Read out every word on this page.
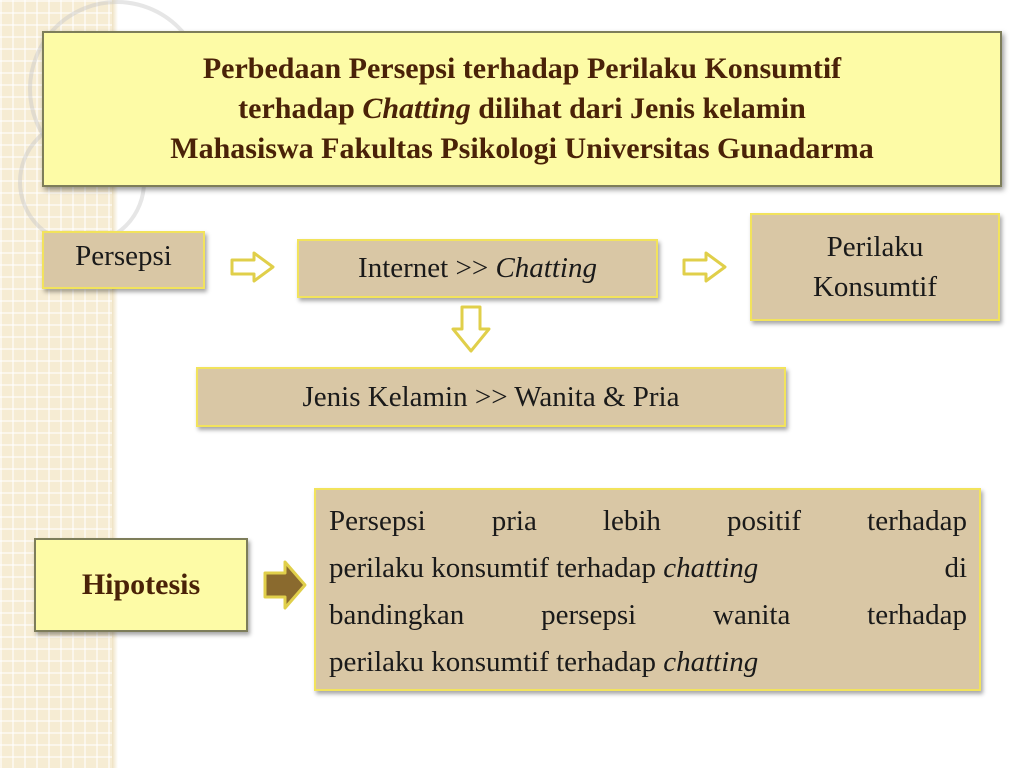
Perbedaan Persepsi terhadap Perilaku Konsumtif
terhadap Chatting dilihat dari Jenis kelamin
Mahasiswa Fakultas Psikologi Universitas Gunadarma
Persepsi	Internet >> Chatting
Perilaku
Konsumtif
Jenis Kelamin >> Wanita & Pria
Hipotesis
Persepsi pria lebih positif terhadap
perilaku konsumtif terhadap chatting	di
bandingkan persepsi wanita terhadap
perilaku konsumtif terhadap chatting
